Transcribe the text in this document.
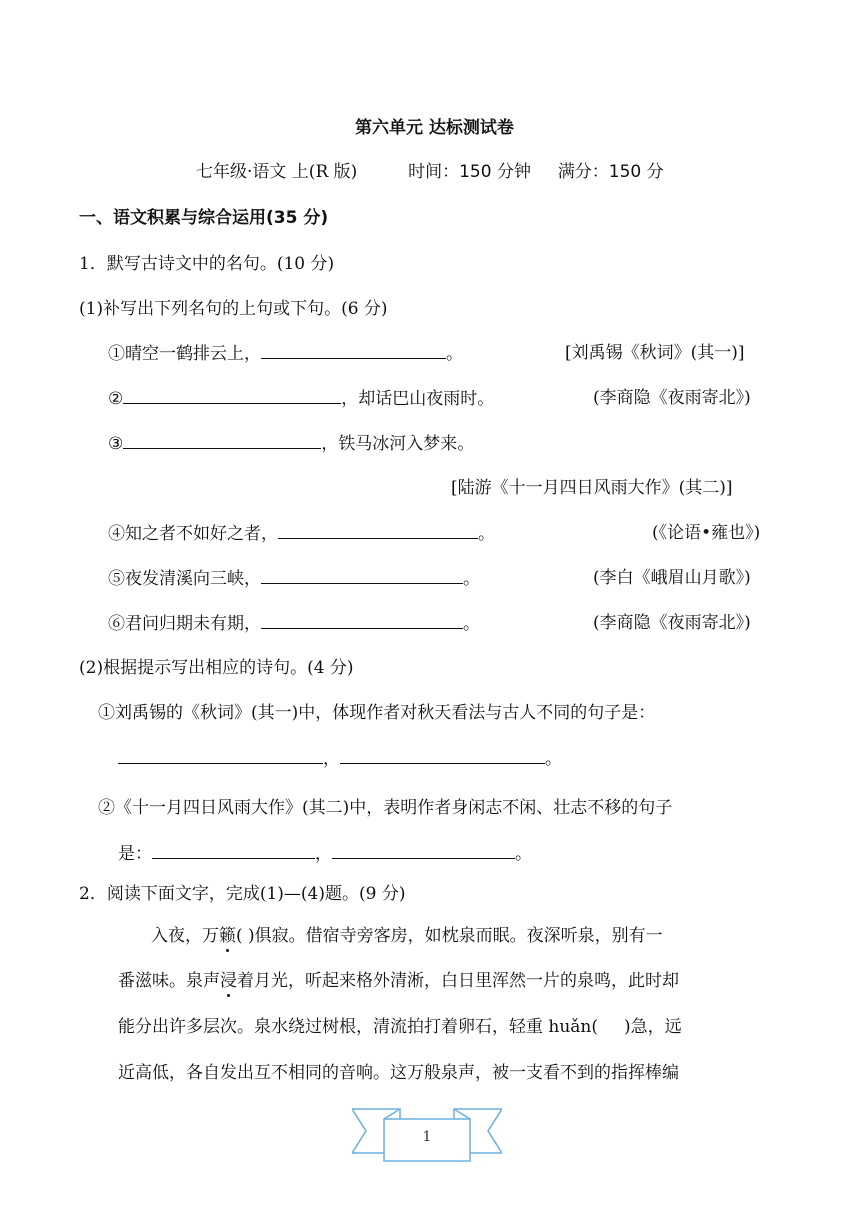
第六单元 达标测试卷
七年级·语文 上(R 版)	时间：150 分钟 满分：150 分
一、语文积累与综合运用(35 分)
1．默写古诗文中的名句。(10 分)
(1)补写出下列名句的上句或下句。(6 分)
①晴空一鹤排云上，	。	[刘禹锡《秋词》(其一)]
②	，却话巴山夜雨时。	(李商隐《夜雨寄北》)
③	，铁马冰河入梦来。
[陆游《十一月四日风雨大作》(其二)]
④知之者不如好之者，	。	(《论语•雍也》)
⑤夜发清溪向三峡，	。	(李白《峨眉山月歌》)
⑥君问归期未有期，	。	(李商隐《夜雨寄北》)
(2)根据提示写出相应的诗句。(4 分)
①刘禹锡的《秋词》(其一)中，体现作者对秋天看法与古人不同的句子是：
，	。
②《十一月四日风雨大作》(其二)中，表明作者身闲志不闲、壮志不移的句子
是：	，	。
2．阅读下面文字，完成(1)—(4)题。(9 分)
入夜，万籁( )俱寂。借宿寺旁客房，如枕泉而眠。夜深听泉，别有一
番滋味。泉声浸着月光，听起来格外清淅，白日里浑然一片的泉鸣，此时却
能分出许多层次。泉水绕过树根，清流拍打着卵石，轻重 huǎn( )急，远
近高低，各自发出互不相同的音响。这万般泉声，被一支看不到的指挥棒编
1
